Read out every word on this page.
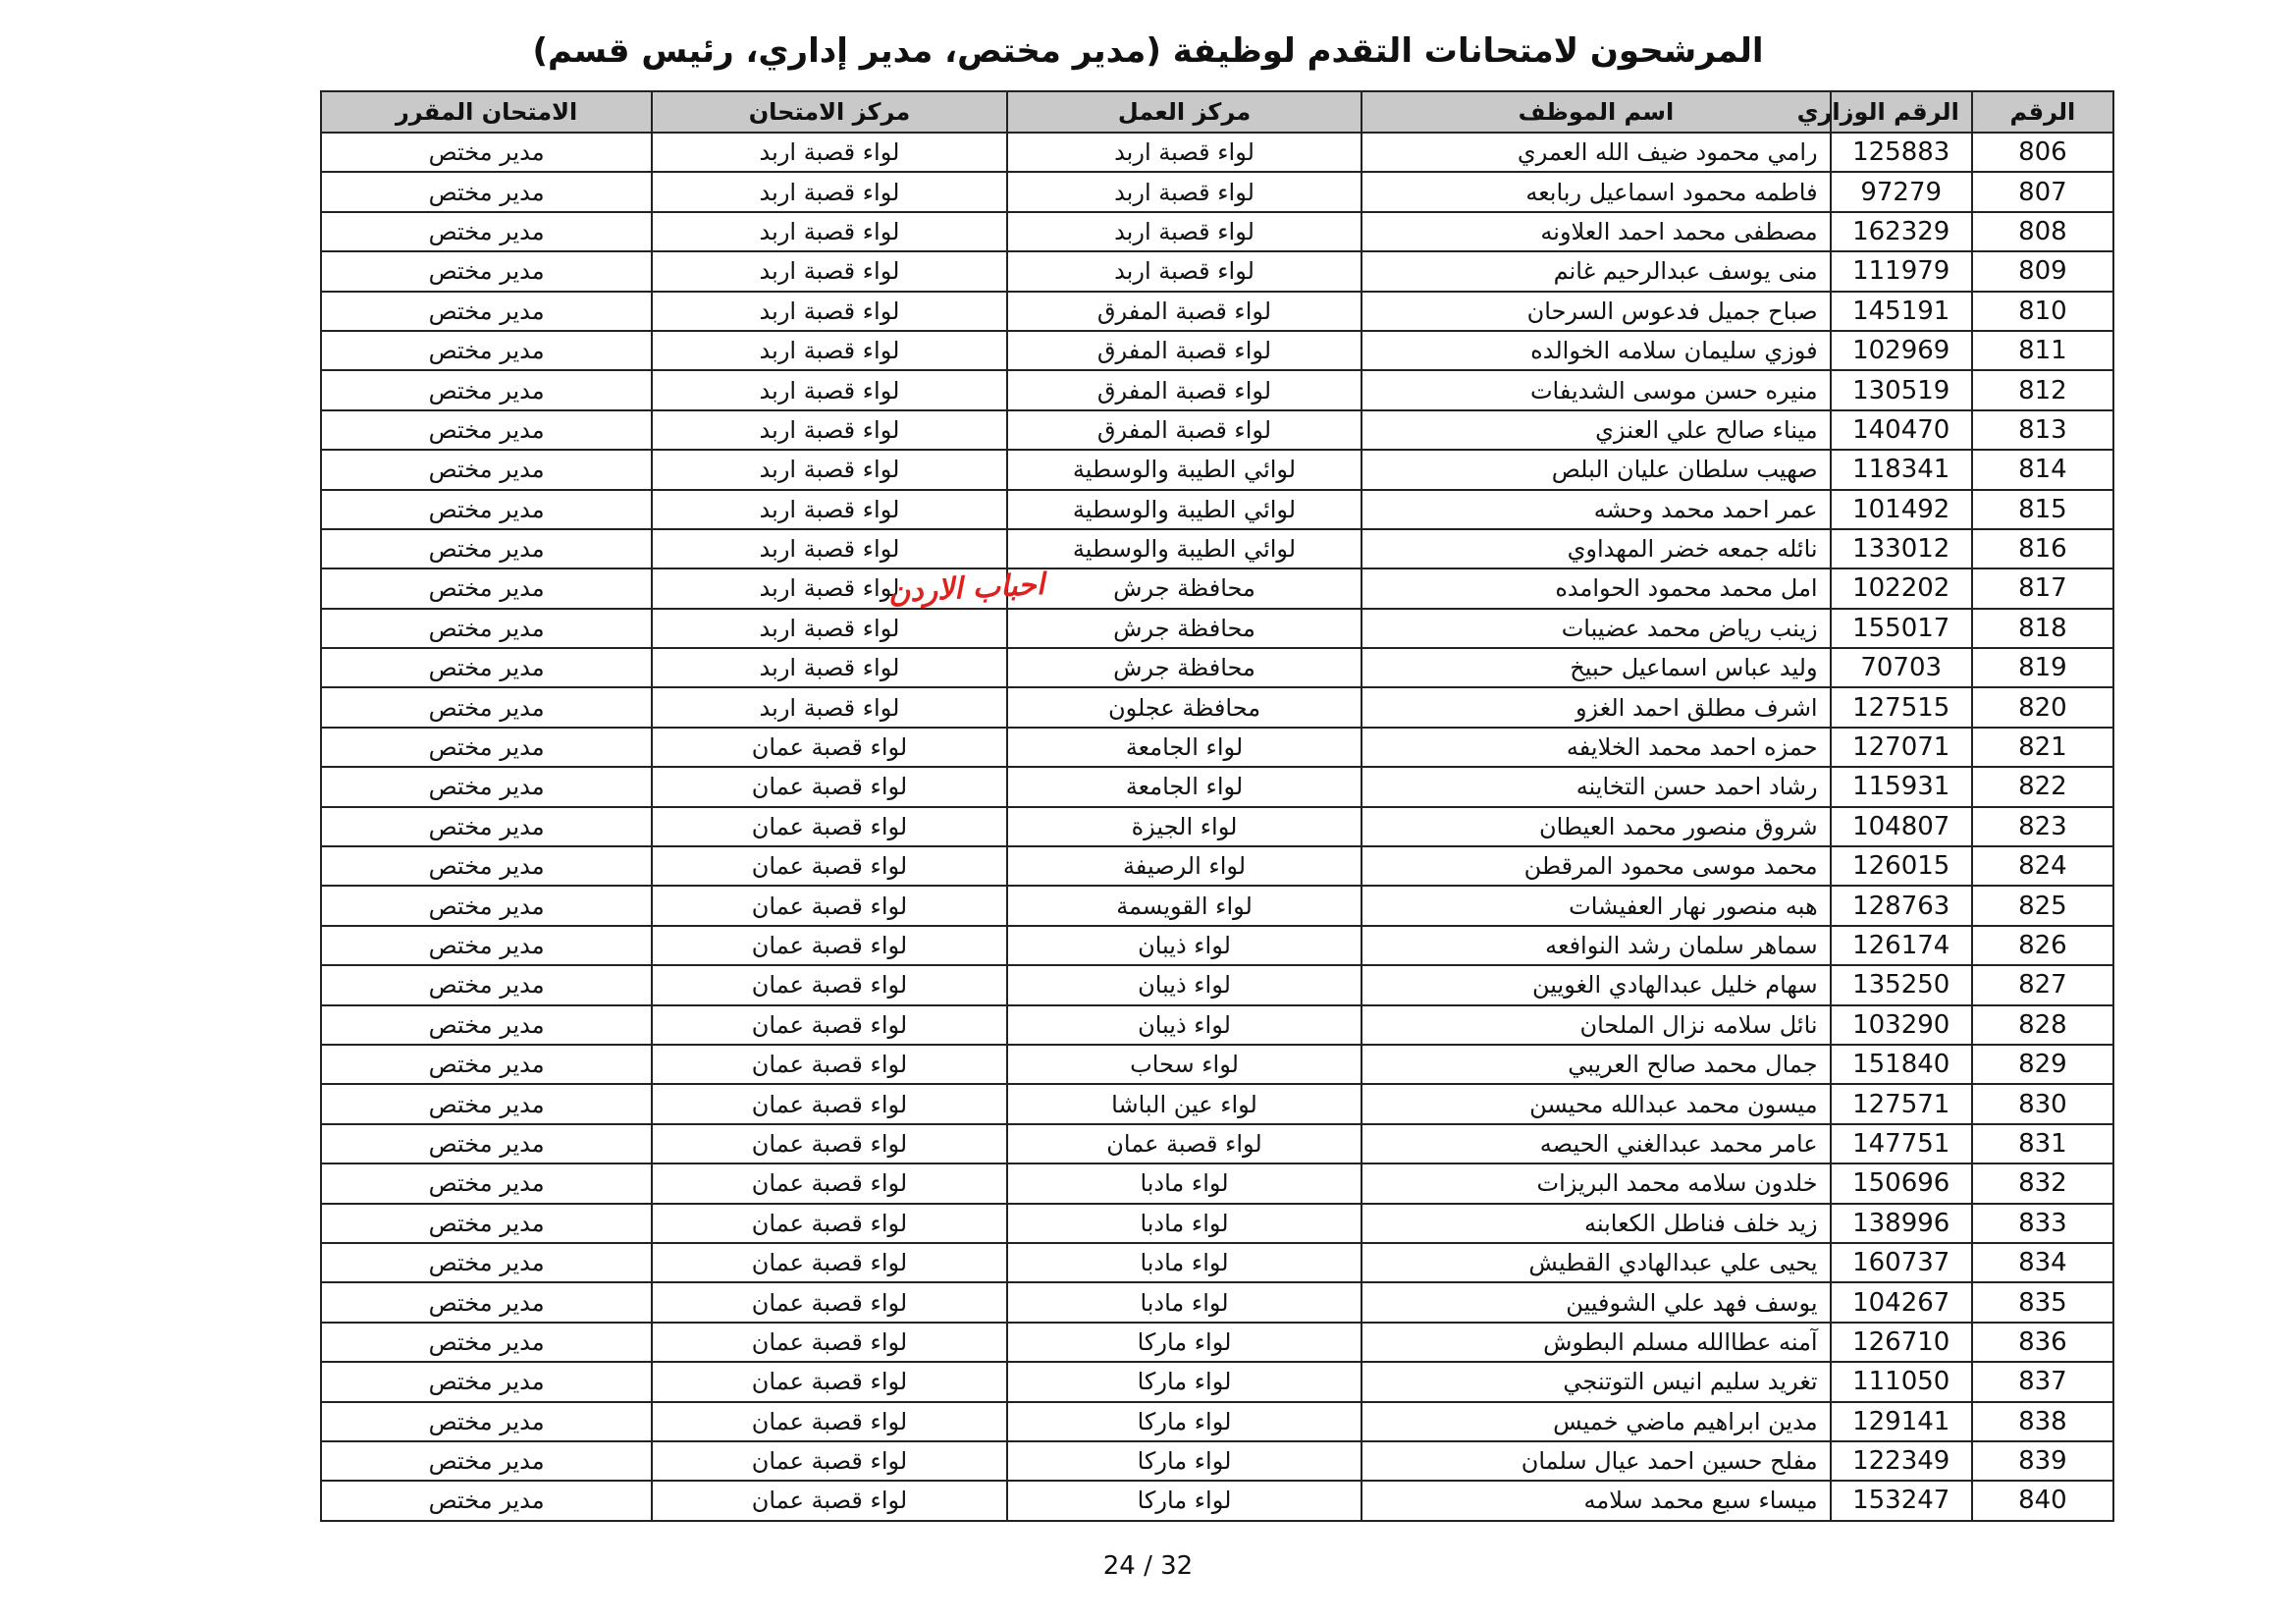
المرشحون لامتحانات التقدم لوظيفة (مدير مختص، مدير إداري، رئيس قسم)
الرقم	الرقم الوزاري	اسم الموظف	مركز العمل	مركز الامتحان	الامتحان المقرر
806	125883	رامي محمود ضيف الله العمري	لواء قصبة اربد	لواء قصبة اربد	مدير مختص
807	97279	فاطمه محمود اسماعيل ربابعه	لواء قصبة اربد	لواء قصبة اربد	مدير مختص
808	162329	مصطفى محمد احمد العلاونه	لواء قصبة اربد	لواء قصبة اربد	مدير مختص
809	111979	منى يوسف عبدالرحيم غانم	لواء قصبة اربد	لواء قصبة اربد	مدير مختص
810	145191	صباح جميل فدعوس السرحان	لواء قصبة المفرق	لواء قصبة اربد	مدير مختص
811	102969	فوزي سليمان سلامه الخوالده	لواء قصبة المفرق	لواء قصبة اربد	مدير مختص
812	130519	منيره حسن موسى الشديفات	لواء قصبة المفرق	لواء قصبة اربد	مدير مختص
813	140470	ميناء صالح علي العنزي	لواء قصبة المفرق	لواء قصبة اربد	مدير مختص
814	118341	صهيب سلطان عليان البلص	لوائي الطيبة والوسطية	لواء قصبة اربد	مدير مختص
815	101492	عمر احمد محمد وحشه	لوائي الطيبة والوسطية	لواء قصبة اربد	مدير مختص
816	133012	نائله جمعه خضر المهداوي	لوائي الطيبة والوسطية	لواء قصبة اربد	مدير مختص
817	102202	امل محمد محمود الحوامده	محافظة جرش	لواء قصبة اربد	مدير مختص
818	155017	زينب رياض محمد عضيبات	محافظة جرش	لواء قصبة اربد	مدير مختص
819	70703	وليد عباس اسماعيل حبيخ	محافظة جرش	لواء قصبة اربد	مدير مختص
820	127515	اشرف مطلق احمد الغزو	محافظة عجلون	لواء قصبة اربد	مدير مختص
821	127071	حمزه احمد محمد الخلايفه	لواء الجامعة	لواء قصبة عمان	مدير مختص
822	115931	رشاد احمد حسن التخاينه	لواء الجامعة	لواء قصبة عمان	مدير مختص
823	104807	شروق منصور محمد العيطان	لواء الجيزة	لواء قصبة عمان	مدير مختص
824	126015	محمد موسى محمود المرقطن	لواء الرصيفة	لواء قصبة عمان	مدير مختص
825	128763	هبه منصور نهار العفيشات	لواء القويسمة	لواء قصبة عمان	مدير مختص
826	126174	سماهر سلمان رشد النوافعه	لواء ذيبان	لواء قصبة عمان	مدير مختص
827	135250	سهام خليل عبدالهادي الغويين	لواء ذيبان	لواء قصبة عمان	مدير مختص
828	103290	نائل سلامه نزال الملحان	لواء ذيبان	لواء قصبة عمان	مدير مختص
829	151840	جمال محمد صالح العريبي	لواء سحاب	لواء قصبة عمان	مدير مختص
830	127571	ميسون محمد عبدالله محيسن	لواء عين الباشا	لواء قصبة عمان	مدير مختص
831	147751	عامر محمد عبدالغني الحيصه	لواء قصبة عمان	لواء قصبة عمان	مدير مختص
832	150696	خلدون سلامه محمد البريزات	لواء مادبا	لواء قصبة عمان	مدير مختص
833	138996	زيد خلف فناطل الكعابنه	لواء مادبا	لواء قصبة عمان	مدير مختص
834	160737	يحيى علي عبدالهادي القطيش	لواء مادبا	لواء قصبة عمان	مدير مختص
835	104267	يوسف فهد علي الشوفيين	لواء مادبا	لواء قصبة عمان	مدير مختص
836	126710	آمنه عطاالله مسلم البطوش	لواء ماركا	لواء قصبة عمان	مدير مختص
837	111050	تغريد سليم انيس التوتنجي	لواء ماركا	لواء قصبة عمان	مدير مختص
838	129141	مدين ابراهيم ماضي خميس	لواء ماركا	لواء قصبة عمان	مدير مختص
839	122349	مفلح حسين احمد عيال سلمان	لواء ماركا	لواء قصبة عمان	مدير مختص
840	153247	ميساء سبع محمد سلامه	لواء ماركا	لواء قصبة عمان	مدير مختص
احباب الاردن
24 / 32
